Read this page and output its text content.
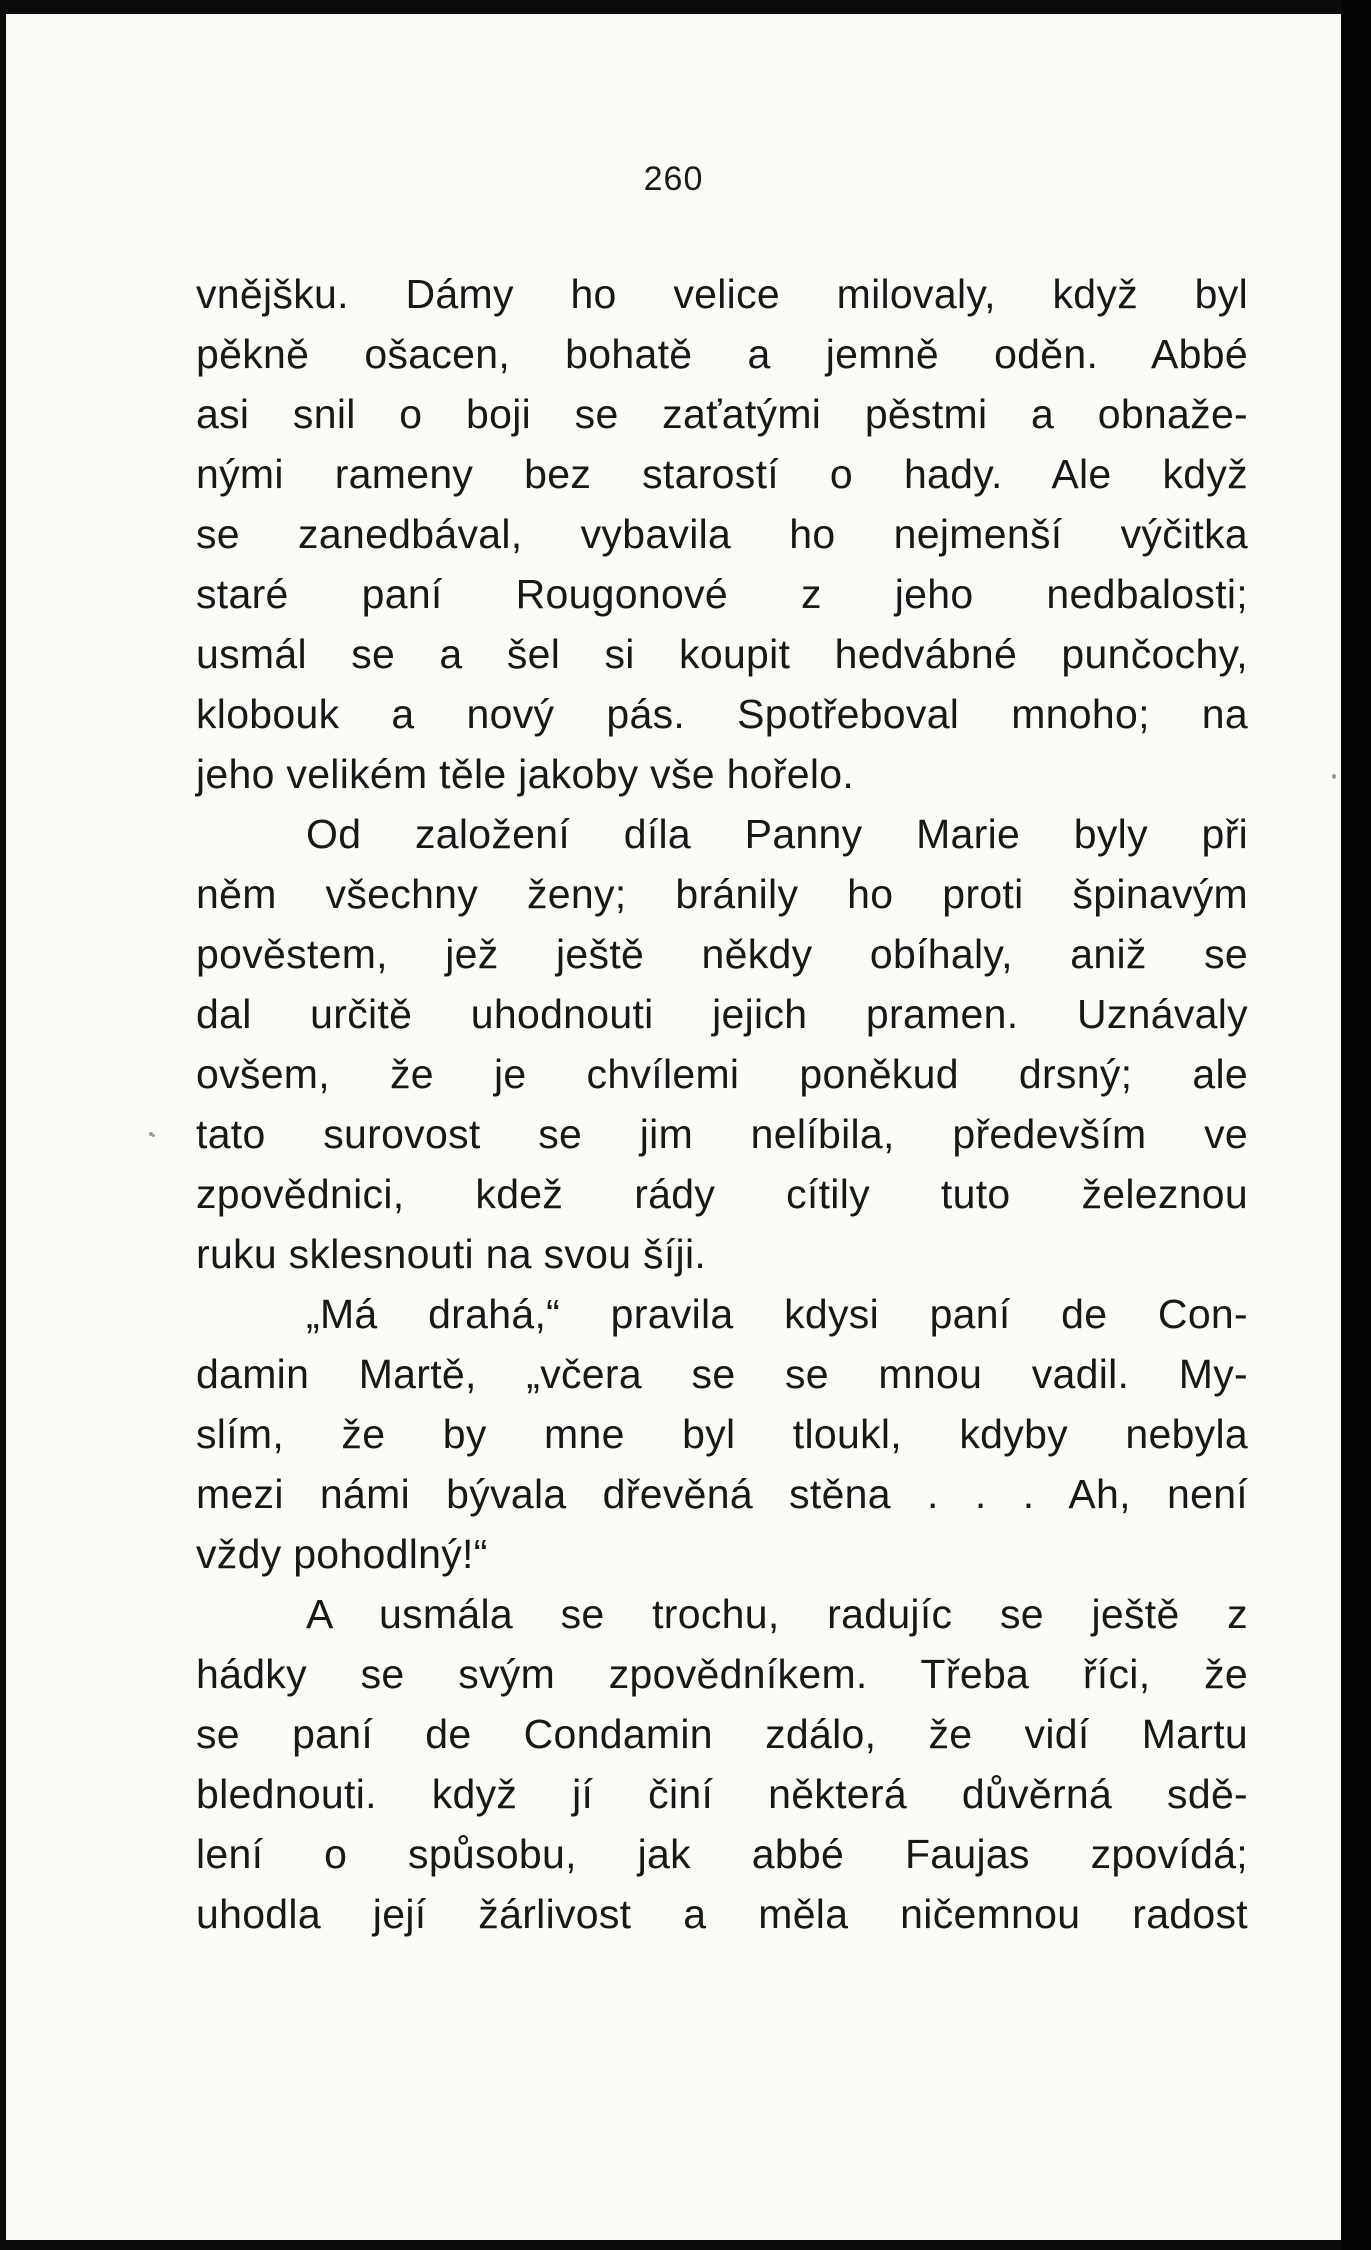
260
vnějšku. Dámy ho velice milovaly, když byl
pěkně ošacen, bohatě a jemně oděn. Abbé
asi snil o boji se zaťatými pěstmi a obnaže-
nými rameny bez starostí o hady. Ale když
se zanedbával, vybavila ho nejmenší výčitka
staré paní Rougonové z jeho nedbalosti;
usmál se a šel si koupit hedvábné punčochy,
klobouk a nový pás. Spotřeboval mnoho; na
jeho velikém těle jakoby vše hořelo.
Od založení díla Panny Marie byly při
něm všechny ženy; bránily ho proti špinavým
pověstem, jež ještě někdy obíhaly, aniž se
dal určitě uhodnouti jejich pramen. Uznávaly
ovšem, že je chvílemi poněkud drsný; ale
tato surovost se jim nelíbila, především ve
zpovědnici, kdež rády cítily tuto železnou
ruku sklesnouti na svou šíji.
„Má drahá,“ pravila kdysi paní de Con-
damin Martě, „včera se se mnou vadil. My-
slím, že by mne byl tloukl, kdyby nebyla
mezi námi bývala dřevěná stěna . . . Ah, není
vždy pohodlný!“
A usmála se trochu, radujíc se ještě z
hádky se svým zpovědníkem. Třeba říci, že
se paní de Condamin zdálo, že vidí Martu
blednouti. když jí činí některá důvěrná sdě-
lení o spůsobu, jak abbé Faujas zpovídá;
uhodla její žárlivost a měla ničemnou radost
